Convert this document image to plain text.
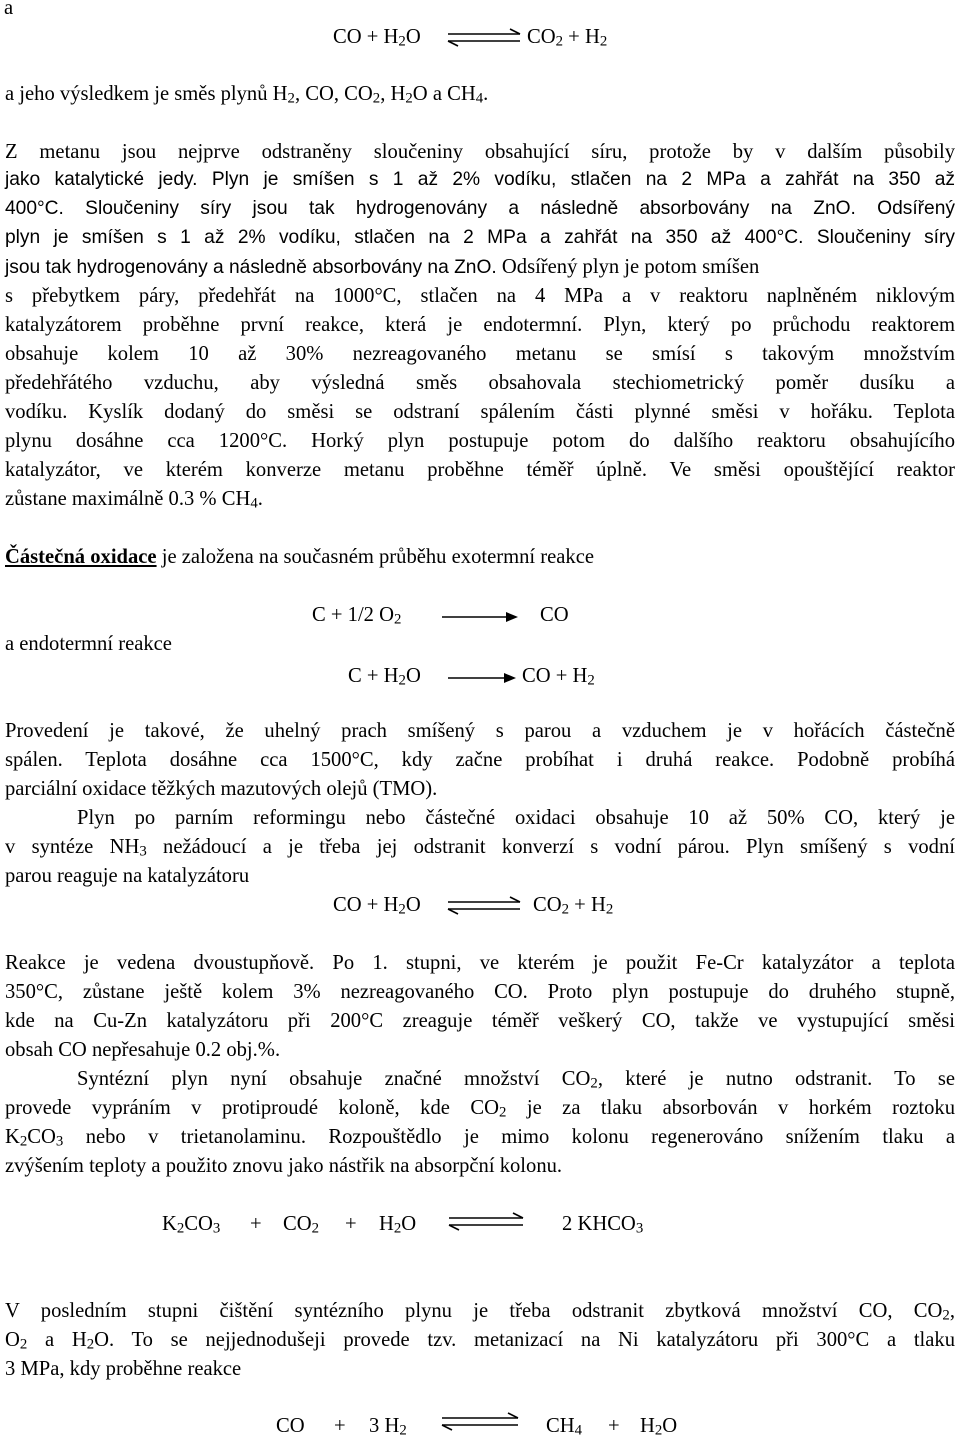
a
CO + $H_2O$ ⇌ $CO_2 + H_2$
a jeho výsledkem je směs plynů $H_2$, CO, $CO_2$, $H_2O$ a $CH_4$.
Z metanu jsou nejprve odstraněny sloučeniny obsahující síru, protože by v dalším působily
jako katalytické jedy. Plyn je smíšen s 1 až 2% vodíku, stlačen na 2 MPa a zahřát na 350 až
400°C. Sloučeniny síry jsou tak hydrogenovány a následně absorbovány na ZnO. Odsířený
plyn je smíšen s 1 až 2% vodíku, stlačen na 2 MPa a zahřát na 350 až 400°C. Sloučeniny síry
jsou tak hydrogenovány a následně absorbovány na ZnO. Odsířený plyn je potom smíšen
s přebytkem páry, předehřát na 1000°C, stlačen na 4 MPa a v reaktoru naplněném niklovým
katalyzátorem proběhne první reakce, která je endotermní. Plyn, který po průchodu reaktorem
obsahuje kolem 10 až 30% nezreagovaného metanu se smísí s takovým množstvím
předehřátého vzduchu, aby výsledná směs obsahovala stechiometrický poměr dusíku a
vodíku. Kyslík dodaný do směsi se odstraní spálením části plynné směsi v hořáku. Teplota
plynu dosáhne cca 1200°C. Horký plyn postupuje potom do dalšího reaktoru obsahujícího
katalyzátor, ve kterém konverze metanu proběhne téměř úplně. Ve směsi opouštějící reaktor
zůstane maximálně 0.3 % $CH_4$.
Částečná oxidace je založena na současném průběhu exotermní reakce
C + 1/2 $O_2$ → CO
a endotermní reakce
$C + H_2O$ → CO + $H_2$
Provedení je takové, že uhelný prach smíšený s parou a vzduchem je v hořácích částečně
spálen. Teplota dosáhne cca 1500°C, kdy začne probíhat i druhá reakce. Podobně probíhá
parciální oxidace těžkých mazutových olejů (TMO).
Plyn po parním reformingu nebo částečné oxidaci obsahuje 10 až 50% CO, který je
v syntéze $NH_3$ nežádoucí a je třeba jej odstranit konverzí s vodní párou. Plyn smíšený s vodní
parou reaguje na katalyzátoru
CO + $H_2O$ ⇌ $CO_2 + H_2$
Reakce je vedena dvoustupňově. Po 1. stupni, ve kterém je použit Fe-Cr katalyzátor a teplota
350°C, zůstane ještě kolem 3% nezreagovaného CO. Proto plyn postupuje do druhého stupně,
kde na Cu-Zn katalyzátoru při 200°C zreaguje téměř veškerý CO, takže ve vystupující směsi
obsah CO nepřesahuje 0.2 obj.%.
Syntézní plyn nyní obsahuje značné množství $CO_2$, které je nutno odstranit. To se
provede vypráním v protiproudé koloně, kde $CO_2$ je za tlaku absorbován v horkém roztoku
$K_2CO_3$ nebo v trietanolaminu. Rozpouštědlo je mimo kolonu regenerováno snížením tlaku a
zvýšením teploty a použito znovu jako nástřik na absorpční kolonu.
$K_2CO_3 + CO_2 + H_2O$ ⇌ 2 $KHCO_3$
V posledním stupni čištění syntézního plynu je třeba odstranit zbytková množství CO, $CO_2$,
$O_2$ a $H_2O$. To se nejjednodušeji provede tzv. metanizací na Ni katalyzátoru při 300°C a tlaku
3 MPa, kdy proběhne reakce
CO + 3 $H_2$ ⇌ $CH_4 + H_2O$
